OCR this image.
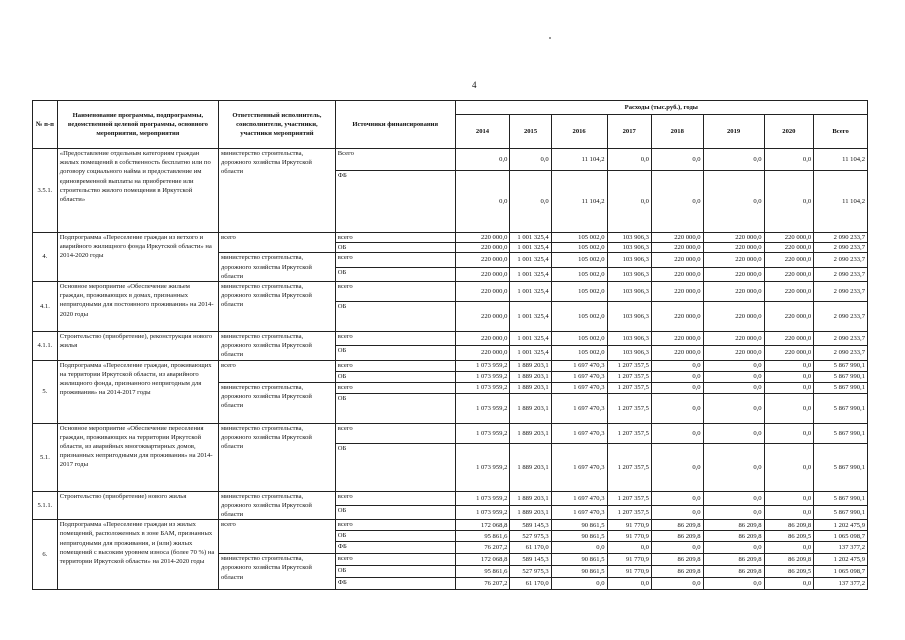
4
№ п-п	Наименование программы, подпрограммы, ведомственной целевой программы, основного мероприятия, мероприятия	Ответственный исполнитель, соисполнители, участники, участники мероприятий	Источники финансирования	Расходы (тыс.руб.), годы							
				2014	2015	2016	2017	2018	2019	2020	Всего
3.5.1.	«Предоставление отдельным категориям граждан жилых помещений в собственность бесплатно или по договору социального найма и предоставление им единовременной выплаты на приобретение или строительство жилого помещения в Иркутской области»	министерство строительства, дорожного хозяйства Иркутской области	Всего	0,0	0,0	11 104,2	0,0	0,0	0,0	0,0	11 104,2
			ФБ	0,0	0,0	11 104,2	0,0	0,0	0,0	0,0	11 104,2
4.	Подпрограмма «Переселение граждан из ветхого и аварийного жилищного фонда Иркутской области» на 2014-2020 годы	всего	всего	220 000,0	1 001 325,4	105 002,0	103 906,3	220 000,0	220 000,0	220 000,0	2 090 233,7
			ОБ	220 000,0	1 001 325,4	105 002,0	103 906,3	220 000,0	220 000,0	220 000,0	2 090 233,7
		министерство строительства, дорожного хозяйства Иркутской области	всего	220 000,0	1 001 325,4	105 002,0	103 906,3	220 000,0	220 000,0	220 000,0	2 090 233,7
			ОБ	220 000,0	1 001 325,4	105 002,0	103 906,3	220 000,0	220 000,0	220 000,0	2 090 233,7
4.1.	Основное мероприятие «Обеспечение жильем граждан, проживающих в домах, признанных непригодными для постоянного проживания» на 2014-2020 годы	министерство строительства, дорожного хозяйства Иркутской области	всего	220 000,0	1 001 325,4	105 002,0	103 906,3	220 000,0	220 000,0	220 000,0	2 090 233,7
			ОБ	220 000,0	1 001 325,4	105 002,0	103 906,3	220 000,0	220 000,0	220 000,0	2 090 233,7
4.1.1.	Строительство (приобретение), реконструкция нового жилья	министерство строительства, дорожного хозяйства Иркутской области	всего	220 000,0	1 001 325,4	105 002,0	103 906,3	220 000,0	220 000,0	220 000,0	2 090 233,7
			ОБ	220 000,0	1 001 325,4	105 002,0	103 906,3	220 000,0	220 000,0	220 000,0	2 090 233,7
5.	Подпрограмма «Переселение граждан, проживающих на территории Иркутской области, из аварийного жилищного фонда, признанного непригодным для проживания» на 2014-2017 годы	всего	всего	1 073 959,2	1 889 203,1	1 697 470,3	1 207 357,5	0,0	0,0	0,0	5 867 990,1
			ОБ	1 073 959,2	1 889 203,1	1 697 470,3	1 207 357,5	0,0	0,0	0,0	5 867 990,1
		министерство строительства, дорожного хозяйства Иркутской области	всего	1 073 959,2	1 889 203,1	1 697 470,3	1 207 357,5	0,0	0,0	0,0	5 867 990,1
			ОБ	1 073 959,2	1 889 203,1	1 697 470,3	1 207 357,5	0,0	0,0	0,0	5 867 990,1
5.1.	Основное мероприятие «Обеспечение переселения граждан, проживающих на территории Иркутской области, из аварийных многоквартирных домов, признанных непригодными для проживания» на 2014-2017 годы	министерство строительства, дорожного хозяйства Иркутской области	всего	1 073 959,2	1 889 203,1	1 697 470,3	1 207 357,5	0,0	0,0	0,0	5 867 990,1
			ОБ	1 073 959,2	1 889 203,1	1 697 470,3	1 207 357,5	0,0	0,0	0,0	5 867 990,1
5.1.1.	Строительство (приобретение) нового жилья	министерство строительства, дорожного хозяйства Иркутской области	всего	1 073 959,2	1 889 203,1	1 697 470,3	1 207 357,5	0,0	0,0	0,0	5 867 990,1
			ОБ	1 073 959,2	1 889 203,1	1 697 470,3	1 207 357,5	0,0	0,0	0,0	5 867 990,1
6.	Подпрограмма «Переселение граждан из жилых помещений, расположенных в зоне БАМ, признанных непригодными для проживания, и (или) жилых помещений с высоким уровнем износа (более 70 %) на территории Иркутской области» на 2014-2020 годы	всего	всего	172 068,8	589 145,3	90 861,5	91 770,9	86 209,8	86 209,8	86 209,8	1 202 475,9
			ОБ	95 861,6	527 975,3	90 861,5	91 770,9	86 209,8	86 209,8	86 209,5	1 065 098,7
			ФБ	76 207,2	61 170,0	0,0	0,0	0,0	0,0	0,0	137 377,2
		министерство строительства, дорожного хозяйства Иркутской области	всего	172 068,8	589 145,3	90 861,5	91 770,9	86 209,8	86 209,8	86 209,8	1 202 475,9
			ОБ	95 861,6	527 975,3	90 861,5	91 770,9	86 209,8	86 209,8	86 209,5	1 065 098,7
			ФБ	76 207,2	61 170,0	0,0	0,0	0,0	0,0	0,0	137 377,2
